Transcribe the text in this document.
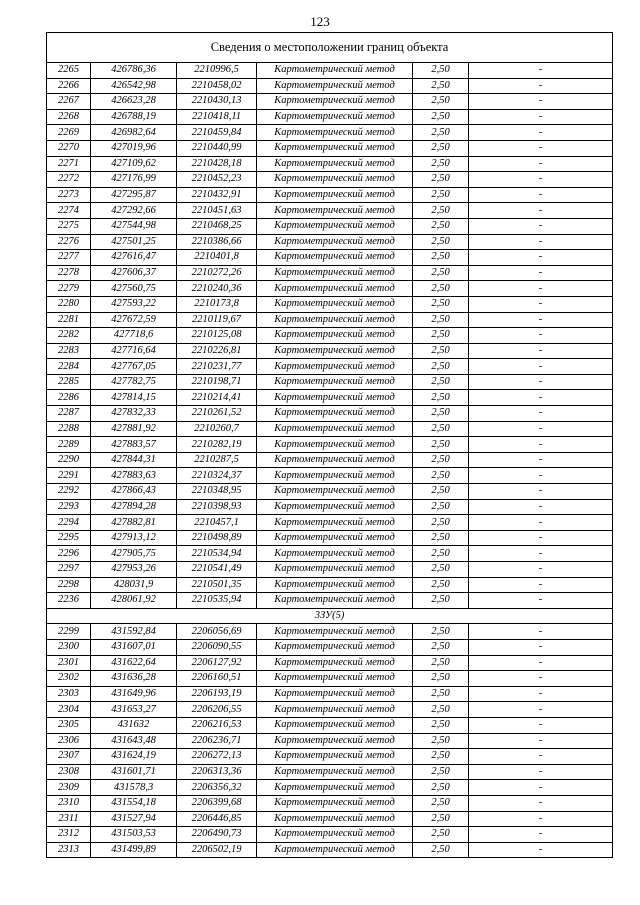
123
Сведения о местоположении границ объекта					
2265	426786,36	2210996,5	Картометрический метод	2,50	-
2266	426542,98	2210458,02	Картометрический метод	2,50	-
2267	426623,28	2210430,13	Картометрический метод	2,50	-
2268	426788,19	2210418,11	Картометрический метод	2,50	-
2269	426982,64	2210459,84	Картометрический метод	2,50	-
2270	427019,96	2210440,99	Картометрический метод	2,50	-
2271	427109,62	2210428,18	Картометрический метод	2,50	-
2272	427176,99	2210452,23	Картометрический метод	2,50	-
2273	427295,87	2210432,91	Картометрический метод	2,50	-
2274	427292,66	2210451,63	Картометрический метод	2,50	-
2275	427544,98	2210468,25	Картометрический метод	2,50	-
2276	427501,25	2210386,66	Картометрический метод	2,50	-
2277	427616,47	2210401,8	Картометрический метод	2,50	-
2278	427606,37	2210272,26	Картометрический метод	2,50	-
2279	427560,75	2210240,36	Картометрический метод	2,50	-
2280	427593,22	2210173,8	Картометрический метод	2,50	-
2281	427672,59	2210119,67	Картометрический метод	2,50	-
2282	427718,6	2210125,08	Картометрический метод	2,50	-
2283	427716,64	2210226,81	Картометрический метод	2,50	-
2284	427767,05	2210231,77	Картометрический метод	2,50	-
2285	427782,75	2210198,71	Картометрический метод	2,50	-
2286	427814,15	2210214,41	Картометрический метод	2,50	-
2287	427832,33	2210261,52	Картометрический метод	2,50	-
2288	427881,92	2210260,7	Картометрический метод	2,50	-
2289	427883,57	2210282,19	Картометрический метод	2,50	-
2290	427844,31	2210287,5	Картометрический метод	2,50	-
2291	427883,63	2210324,37	Картометрический метод	2,50	-
2292	427866,43	2210348,95	Картометрический метод	2,50	-
2293	427894,28	2210398,93	Картометрический метод	2,50	-
2294	427882,81	2210457,1	Картометрический метод	2,50	-
2295	427913,12	2210498,89	Картометрический метод	2,50	-
2296	427905,75	2210534,94	Картометрический метод	2,50	-
2297	427953,26	2210541,49	Картометрический метод	2,50	-
2298	428031,9	2210501,35	Картометрический метод	2,50	-
2236	428061,92	2210535,94	Картометрический метод	2,50	-
3ЗУ(5)					
2299	431592,84	2206056,69	Картометрический метод	2,50	-
2300	431607,01	2206090,55	Картометрический метод	2,50	-
2301	431622,64	2206127,92	Картометрический метод	2,50	-
2302	431636,28	2206160,51	Картометрический метод	2,50	-
2303	431649,96	2206193,19	Картометрический метод	2,50	-
2304	431653,27	2206206,55	Картометрический метод	2,50	-
2305	431632	2206216,53	Картометрический метод	2,50	-
2306	431643,48	2206236,71	Картометрический метод	2,50	-
2307	431624,19	2206272,13	Картометрический метод	2,50	-
2308	431601,71	2206313,36	Картометрический метод	2,50	-
2309	431578,3	2206356,32	Картометрический метод	2,50	-
2310	431554,18	2206399,68	Картометрический метод	2,50	-
2311	431527,94	2206446,85	Картометрический метод	2,50	-
2312	431503,53	2206490,73	Картометрический метод	2,50	-
2313	431499,89	2206502,19	Картометрический метод	2,50	-
